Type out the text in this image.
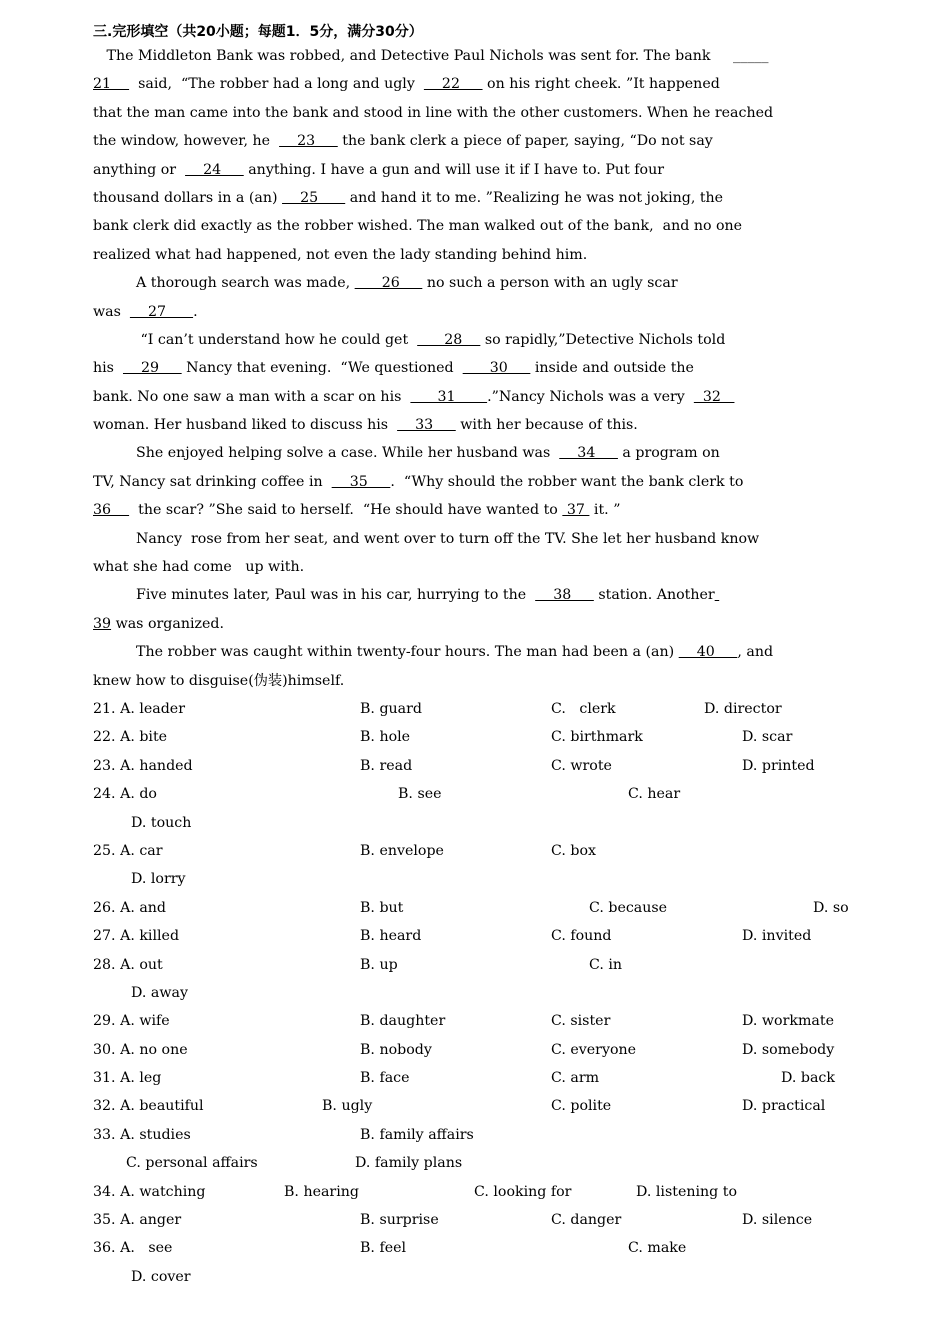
三.完形填空（共20小题；每题1．5分，满分30分）
The Middleton Bank was robbed, and Detective Paul Nichols was sent for. The bank     _____
21      said,  “The robber had a long and ugly      22      on his right cheek. ”It happened
that the man came into the bank and stood in line with the other customers. When he reached
the window, however, he      23      the bank clerk a piece of paper, saying, “Do not say
anything or      24      anything. I have a gun and will use it if I have to. Put four
thousand dollars in a (an)     25       and hand it to me. ”Realizing he was not joking, the
bank clerk did exactly as the robber wished. The man walked out of the bank,  and no one
realized what had happened, not even the lady standing behind him.
A thorough search was made,       26      no such a person with an ugly scar
was      27      .
“I can’t understand how he could get        28     so rapidly,”Detective Nichols told
his      29      Nancy that evening.  “We questioned        30      inside and outside the
bank. No one saw a man with a scar on his        31       .”Nancy Nichols was a very    32
woman. Her husband liked to discuss his      33      with her because of this.
She enjoyed helping solve a case. While her husband was      34      a program on
TV, Nancy sat drinking coffee in      35     .  “Why should the robber want the bank clerk to
36      the scar? ”She said to herself.  “He should have wanted to  37  it. ”
Nancy  rose from her seat, and went over to turn off the TV. She let her husband know
what she had come   up with.
Five minutes later, Paul was in his car, hurrying to the      38      station. Another
39 was organized.
The robber was caught within twenty-four hours. The man had been a (an)     40     , and
knew how to disguise(伪装)himself.
21. A. leader	B. guard	C.   clerk	D. director
22. A. bite	B. hole	C. birthmark	D. scar
23. A. handed	B. read	C. wrote	D. printed
24. A. do	B. see	C. hear
D. touch
25. A. car	B. envelope	C. box
D. lorry
26. A. and	B. but	C. because	D. so
27. A. killed	B. heard	C. found	D. invited
28. A. out	B. up	C. in
D. away
29. A. wife	B. daughter	C. sister	D. workmate
30. A. no one	B. nobody	C. everyone	D. somebody
31. A. leg	B. face	C. arm	D. back
32. A. beautiful	B. ugly	C. polite	D. practical
33. A. studies	B. family affairs
C. personal affairs	D. family plans
34. A. watching	B. hearing	C. looking for	D. listening to
35. A. anger	B. surprise	C. danger	D. silence
36. A.   see	B. feel	C. make
D. cover
